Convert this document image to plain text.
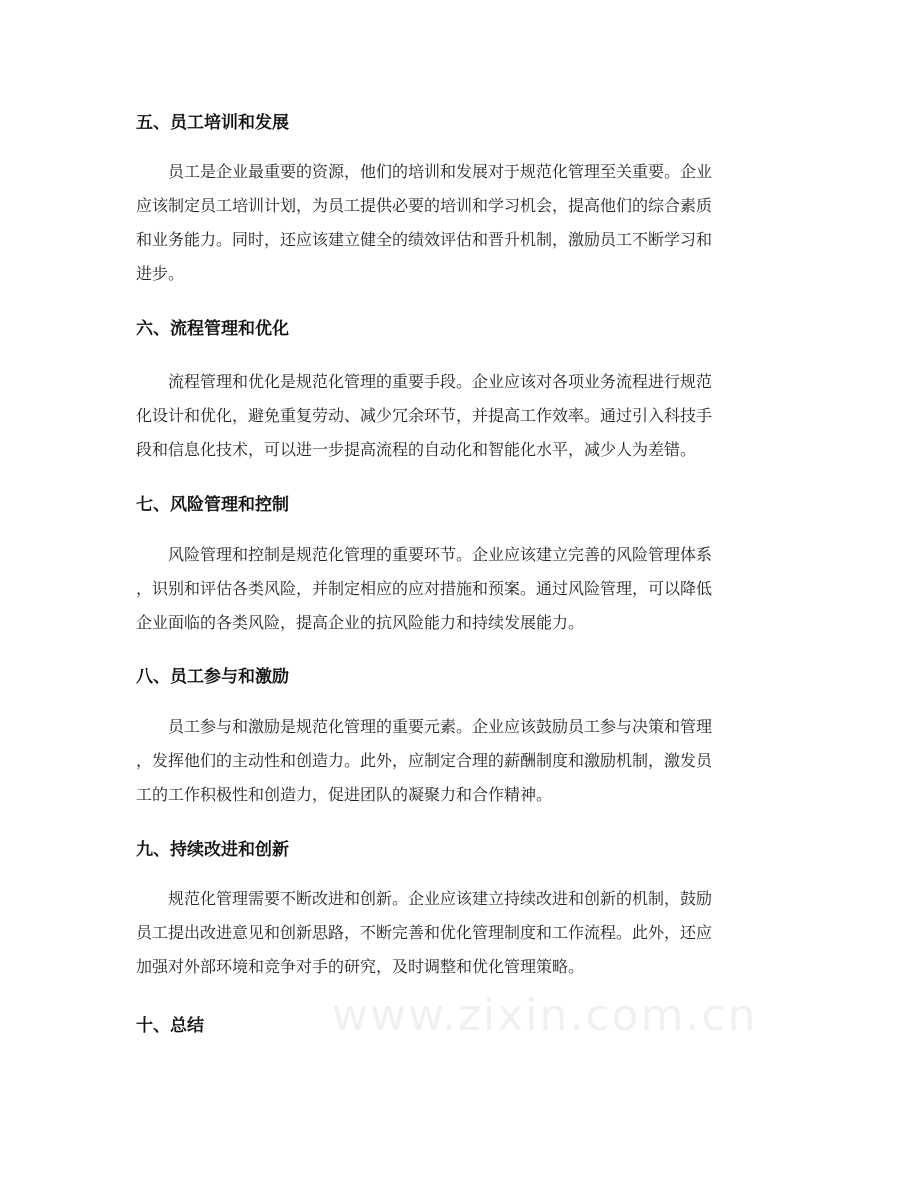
五、员工培训和发展

员工是企业最重要的资源，他们的培训和发展对于规范化管理至关重要。企业
应该制定员工培训计划，为员工提供必要的培训和学习机会，提高他们的综合素质
和业务能力。同时，还应该建立健全的绩效评估和晋升机制，激励员工不断学习和
进步。

六、流程管理和优化

流程管理和优化是规范化管理的重要手段。企业应该对各项业务流程进行规范
化设计和优化，避免重复劳动、减少冗余环节，并提高工作效率。通过引入科技手
段和信息化技术，可以进一步提高流程的自动化和智能化水平，减少人为差错。

七、风险管理和控制

风险管理和控制是规范化管理的重要环节。企业应该建立完善的风险管理体系
，识别和评估各类风险，并制定相应的应对措施和预案。通过风险管理，可以降低
企业面临的各类风险，提高企业的抗风险能力和持续发展能力。

八、员工参与和激励

员工参与和激励是规范化管理的重要元素。企业应该鼓励员工参与决策和管理
，发挥他们的主动性和创造力。此外，应制定合理的薪酬制度和激励机制，激发员
工的工作积极性和创造力，促进团队的凝聚力和合作精神。

九、持续改进和创新

规范化管理需要不断改进和创新。企业应该建立持续改进和创新的机制，鼓励
员工提出改进意见和创新思路，不断完善和优化管理制度和工作流程。此外，还应
加强对外部环境和竞争对手的研究，及时调整和优化管理策略。

十、总结	www.zixin.com.cn
